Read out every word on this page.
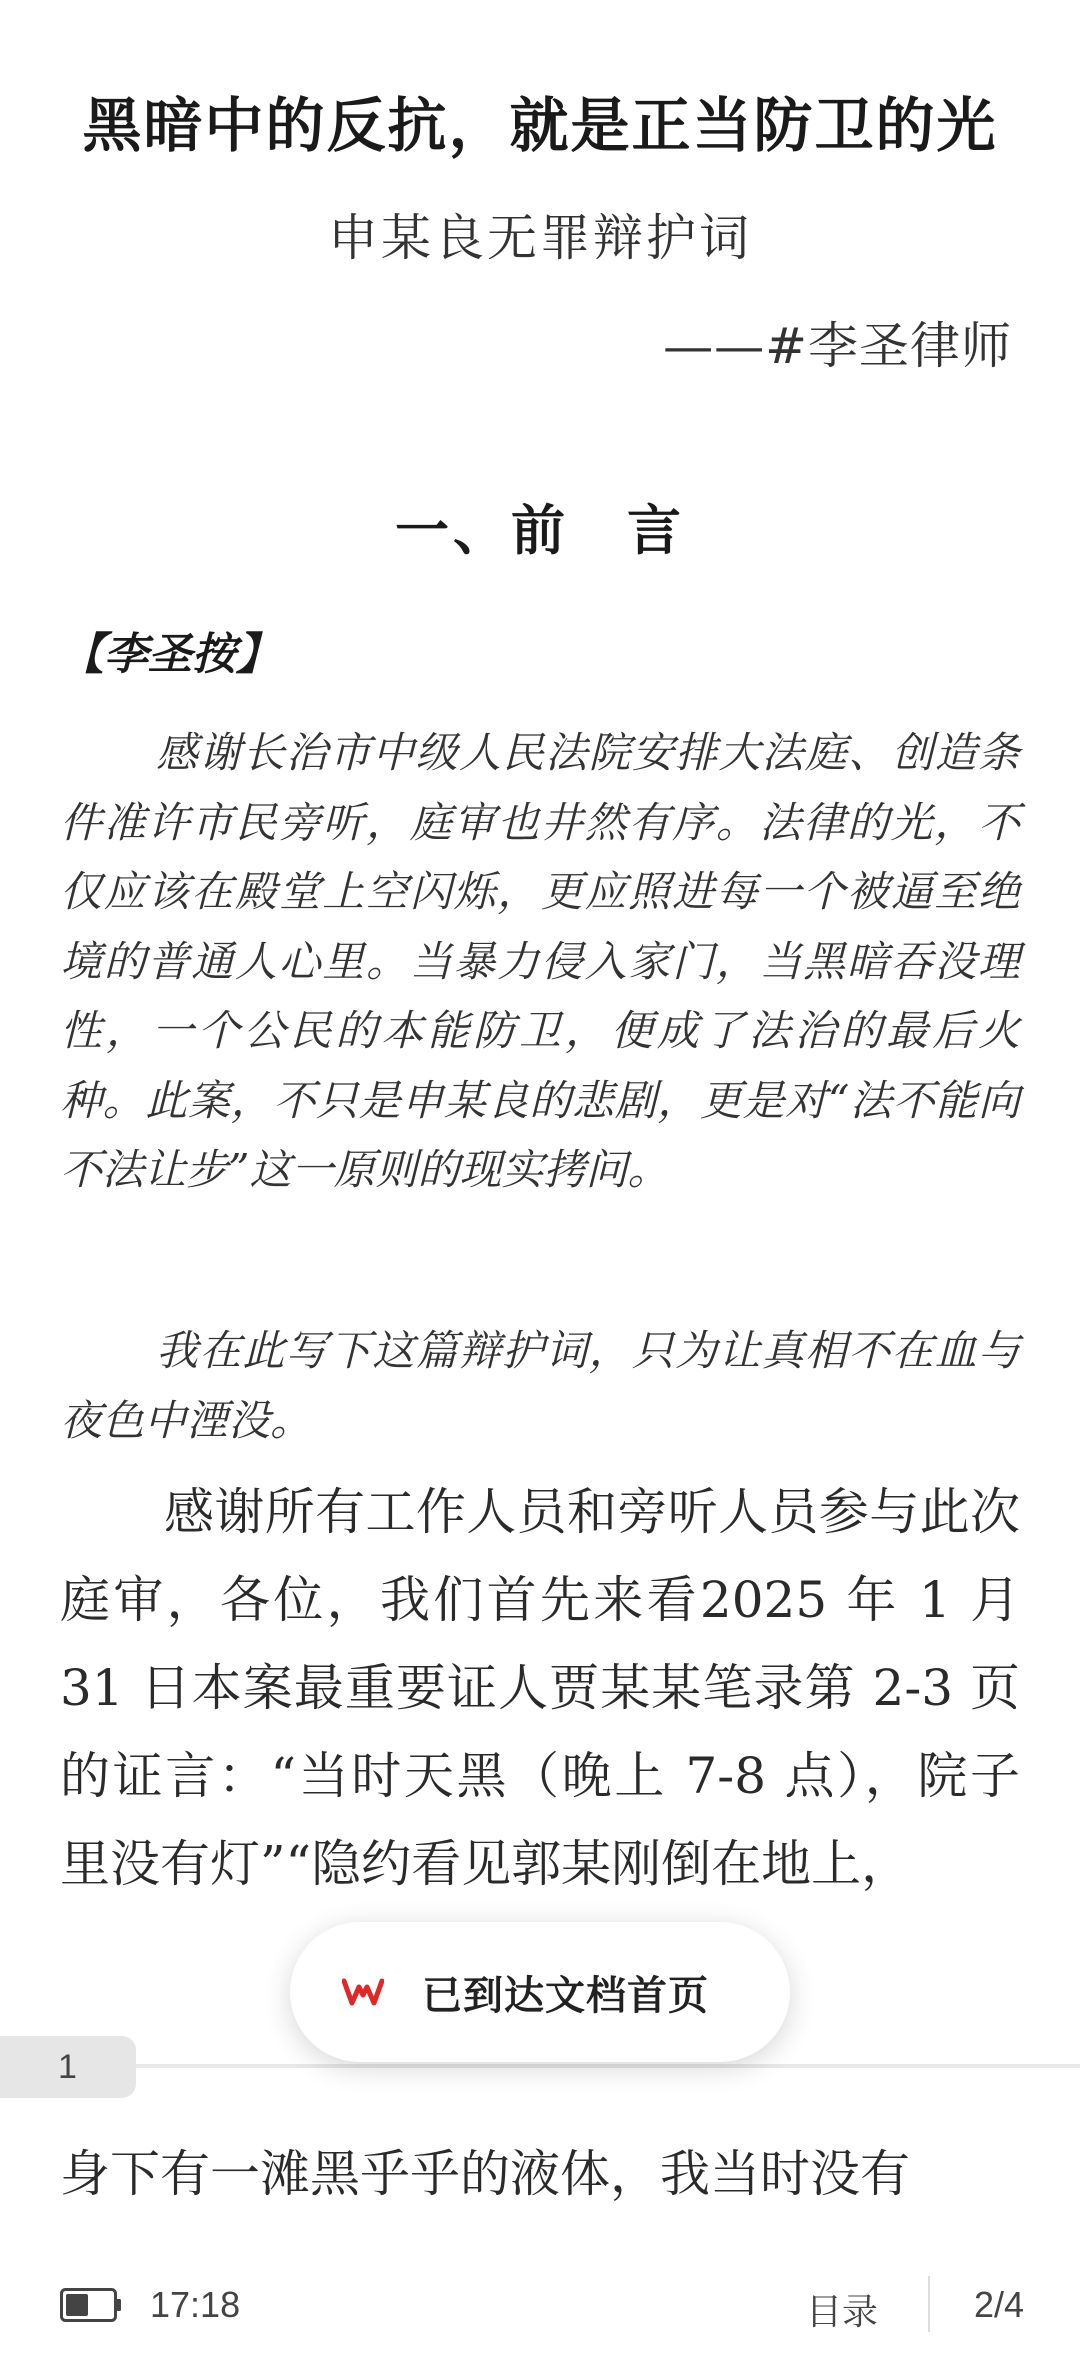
黑暗中的反抗，就是正当防卫的光
申某良无罪辩护词
——#李圣律师
一、前　言
【李圣按】

感谢长治市中级人民法院安排大法庭、创造条件准许市民旁听，庭审也井然有序。法律的光，不仅应该在殿堂上空闪烁，更应照进每一个被逼至绝境的普通人心里。当暴力侵入家门，当黑暗吞没理性，一个公民的本能防卫，便成了法治的最后火种。此案，不只是申某良的悲剧，更是对“法不能向不法让步”这一原则的现实拷问。

我在此写下这篇辩护词，只为让真相不在血与夜色中湮没。

感谢所有工作人员和旁听人员参与此次庭审，各位，我们首先来看2025 年 1 月 31 日本案最重要证人贾某某笔录第 2-3 页的证言：“当时天黑（晚上 7-8 点），院子里没有灯”“隐约看见郭某刚倒在地上，

1

身下有一滩黑乎乎的液体，我当时没有

已到达文档首页
17:18	目录	2/4
